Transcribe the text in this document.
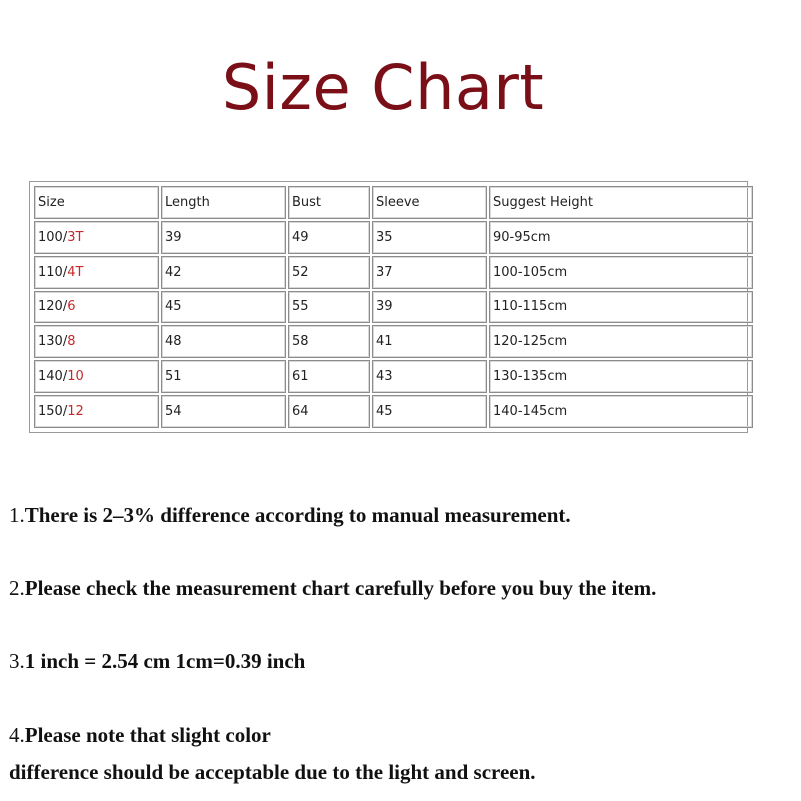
Size Chart
Size	Length	Bust	Sleeve	Suggest Height
100/3T	39	49	35	90-95cm
110/4T	42	52	37	100-105cm
120/6	45	55	39	110-115cm
130/8	48	58	41	120-125cm
140/10	51	61	43	130-135cm
150/12	54	64	45	140-145cm
1.There is 2–3% difference according to manual measurement.
2.Please check the measurement chart carefully before you buy the item.
3.1 inch = 2.54 cm 1cm=0.39 inch
4.Please note that slight color
difference should be acceptable due to the light and screen.
